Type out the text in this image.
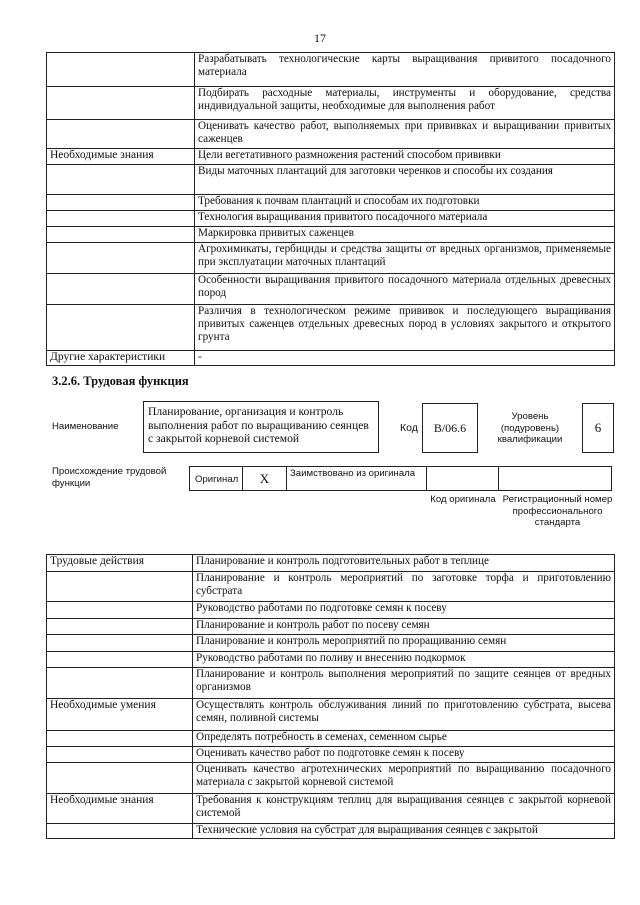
17
	Разрабатывать технологические карты выращивания привитого посадочного материала
	Подбирать расходные материалы, инструменты и оборудование, средства индивидуальной защиты, необходимые для выполнения работ
	Оценивать качество работ, выполняемых при прививках и выращивании привитых саженцев
Необходимые знания	Цели вегетативного размножения растений способом прививки
	Виды маточных плантаций для заготовки черенков и способы их создания
	Требования к почвам плантаций и способам их подготовки
	Технология выращивания привитого посадочного материала
	Маркировка привитых саженцев
	Агрохимикаты, гербициды и средства защиты от вредных организмов, применяемые при эксплуатации маточных плантаций
	Особенности выращивания привитого посадочного материала отдельных древесных пород
	Различия в технологическом режиме прививок и последующего выращивания привитых саженцев отдельных древесных пород в условиях закрытого и открытого грунта
Другие характеристики	-
3.2.6. Трудовая функция
Наименование
Планирование, организация и контроль выполнения работ по выращиванию сеянцев с закрытой корневой системой
Код	B/06.6
Уровень (подуровень) квалификации
6
Происхождение трудовой функции	Оригинал	X	Заимствовано из оригинала
Код оригинала Регистрационный номер профессионального стандарта
Трудовые действия	Планирование и контроль подготовительных работ в теплице
	Планирование и контроль мероприятий по заготовке торфа и приготовлению субстрата
	Руководство работами по подготовке семян к посеву
	Планирование и контроль работ по посеву семян
	Планирование и контроль мероприятий по проращиванию семян
	Руководство работами по поливу и внесению подкормок
	Планирование и контроль выполнения мероприятий по защите сеянцев от вредных организмов
Необходимые умения	Осуществлять контроль обслуживания линий по приготовлению субстрата, высева семян, поливной системы
	Определять потребность в семенах, семенном сырье
	Оценивать качество работ по подготовке семян к посеву
	Оценивать качество агротехнических мероприятий по выращиванию посадочного материала с закрытой корневой системой
Необходимые знания	Требования к конструкциям теплиц для выращивания сеянцев с закрытой корневой системой
	Технические условия на субстрат для выращивания сеянцев с закрытой
